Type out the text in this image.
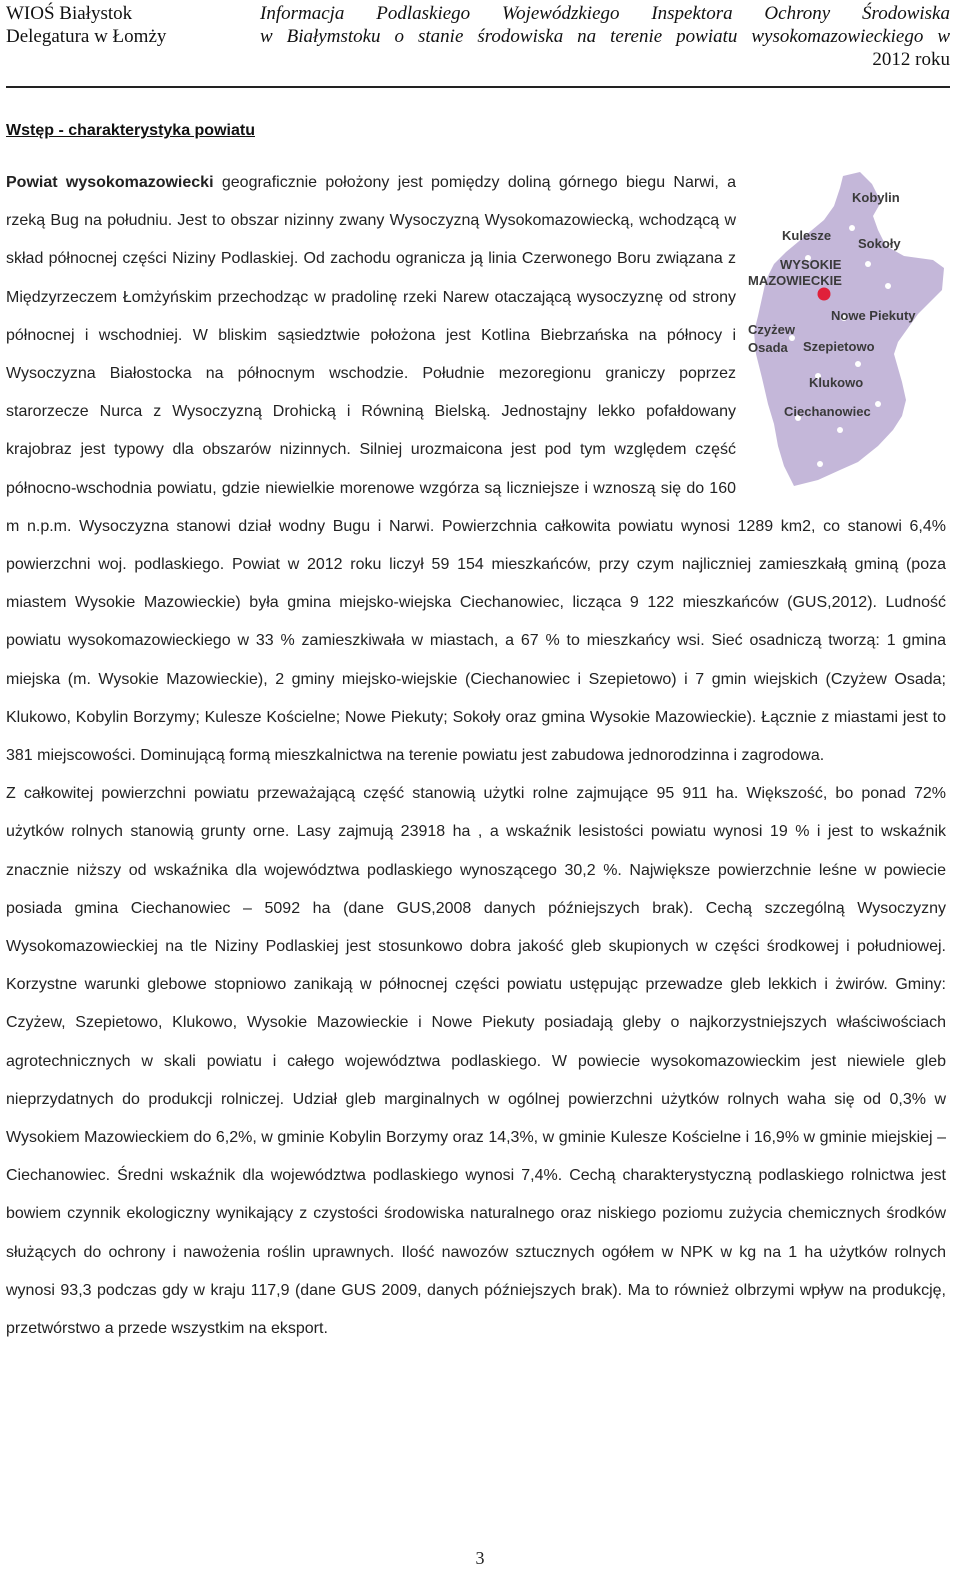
WIOŚ Białystok
Delegatura w Łomży
Informacja Podlaskiego Wojewódzkiego Inspektora Ochrony Środowiska
w Białymstoku o stanie środowiska na terenie powiatu wysokomazowieckiego w
2012 roku
Wstęp - charakterystyka powiatu
Kobylin
Kulesze
Sokoły
WYSOKIE
MAZOWIECKIE
Nowe Piekuty
Czyżew
Osada Szepietowo
Klukowo
Ciechanowiec

Powiat wysokomazowiecki geograficznie położony jest pomiędzy doliną górnego biegu Narwi, a rzeką Bug na południu. Jest to obszar nizinny zwany Wysoczyzną Wysokomazowiecką, wchodzącą w skład północnej części Niziny Podlaskiej. Od zachodu ogranicza ją linia Czerwonego Boru związana z Międzyrzeczem Łomżyńskim przechodząc w pradolinę rzeki Narew otaczającą wysoczyznę od strony północnej i wschodniej. W bliskim sąsiedztwie położona jest Kotlina Biebrzańska na północy i Wysoczyzna Białostocka na północnym wschodzie. Południe mezoregionu graniczy poprzez starorzecze Nurca z Wysoczyzną Drohicką i Równiną Bielską. Jednostajny lekko pofałdowany krajobraz jest typowy dla obszarów nizinnych. Silniej urozmaicona jest pod tym względem część północno-wschodnia powiatu, gdzie niewielkie morenowe wzgórza są liczniejsze i wznoszą się do 160 m n.p.m. Wysoczyzna stanowi dział wodny Bugu i Narwi. Powierzchnia całkowita powiatu wynosi 1289 km2, co stanowi 6,4% powierzchni woj. podlaskiego. Powiat w 2012 roku liczył 59 154 mieszkańców, przy czym najliczniej zamieszkałą gminą (poza miastem Wysokie Mazowieckie) była gmina miejsko-wiejska Ciechanowiec, licząca 9 122 mieszkańców (GUS,2012). Ludność powiatu wysokomazowieckiego w 33 % zamieszkiwała w miastach, a 67 % to mieszkańcy wsi. Sieć osadniczą tworzą: 1 gmina miejska (m. Wysokie Mazowieckie), 2 gminy miejsko-wiejskie (Ciechanowiec i Szepietowo) i 7 gmin wiejskich (Czyżew Osada; Klukowo, Kobylin Borzymy; Kulesze Kościelne; Nowe Piekuty; Sokoły oraz gmina Wysokie Mazowieckie). Łącznie z miastami jest to 381 miejscowości. Dominującą formą mieszkalnictwa na terenie powiatu jest zabudowa jednorodzinna i zagrodowa.

Z całkowitej powierzchni powiatu przeważającą część stanowią użytki rolne zajmujące 95 911 ha. Większość, bo ponad 72% użytków rolnych stanowią grunty orne. Lasy zajmują 23918 ha , a wskaźnik lesistości powiatu wynosi 19 % i jest to wskaźnik znacznie niższy od wskaźnika dla województwa podlaskiego wynoszącego 30,2 %. Największe powierzchnie leśne w powiecie posiada gmina Ciechanowiec – 5092 ha (dane GUS,2008 danych późniejszych brak). Cechą szczególną Wysoczyzny Wysokomazowieckiej na tle Niziny Podlaskiej jest stosunkowo dobra jakość gleb skupionych w części środkowej i południowej. Korzystne warunki glebowe stopniowo zanikają w północnej części powiatu ustępując przewadze gleb lekkich i żwirów. Gminy: Czyżew, Szepietowo, Klukowo, Wysokie Mazowieckie i Nowe Piekuty posiadają gleby o najkorzystniejszych właściwościach agrotechnicznych w skali powiatu i całego województwa podlaskiego. W powiecie wysokomazowieckim jest niewiele gleb nieprzydatnych do produkcji rolniczej. Udział gleb marginalnych w ogólnej powierzchni użytków rolnych waha się od 0,3% w Wysokiem Mazowieckiem do 6,2%, w gminie Kobylin Borzymy oraz 14,3%, w gminie Kulesze Kościelne i 16,9% w gminie miejskiej – Ciechanowiec. Średni wskaźnik dla województwa podlaskiego wynosi 7,4%. Cechą charakterystyczną podlaskiego rolnictwa jest bowiem czynnik ekologiczny wynikający z czystości środowiska naturalnego oraz niskiego poziomu zużycia chemicznych środków służących do ochrony i nawożenia roślin uprawnych. Ilość nawozów sztucznych ogółem w NPK w kg na 1 ha użytków rolnych wynosi 93,3 podczas gdy w kraju 117,9 (dane GUS 2009, danych późniejszych brak). Ma to również olbrzymi wpływ na produkcję, przetwórstwo a przede wszystkim na eksport.

3
